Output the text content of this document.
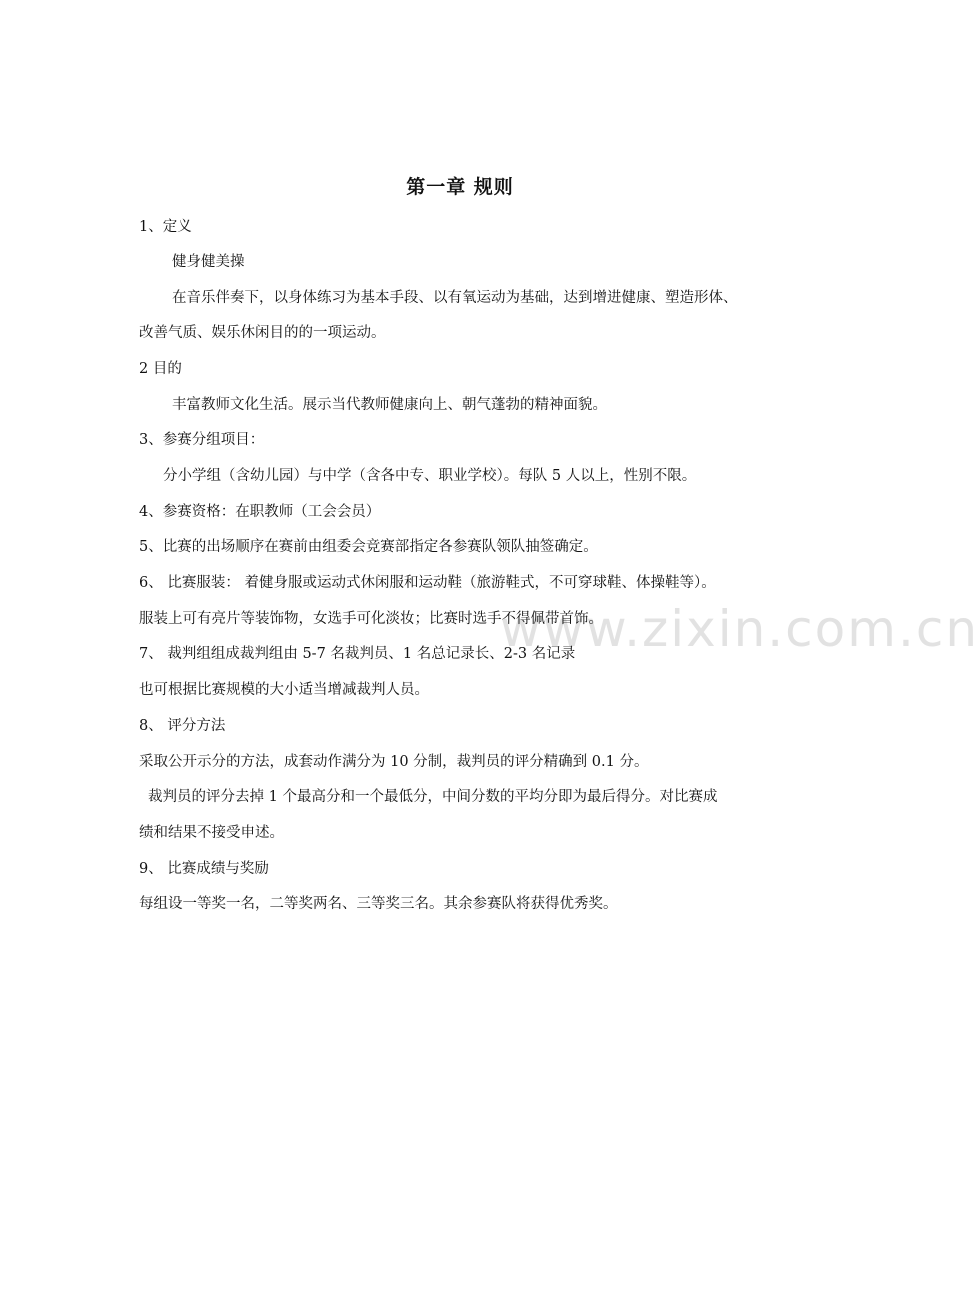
www.zixin.com.cn
第一章 规则
1、定义
健身健美操
在音乐伴奏下，以身体练习为基本手段、以有氧运动为基础，达到增进健康、塑造形体、
改善气质、娱乐休闲目的的一项运动。
2 目的
丰富教师文化生活。展示当代教师健康向上、朝气蓬勃的精神面貌。
3、参赛分组项目：
分小学组（含幼儿园）与中学（含各中专、职业学校）。每队 5 人以上，性别不限。
4、参赛资格：在职教师（工会会员）
5、比赛的出场顺序在赛前由组委会竞赛部指定各参赛队领队抽签确定。
6、 比赛服装： 着健身服或运动式休闲服和运动鞋（旅游鞋式，不可穿球鞋、体操鞋等）。
服装上可有亮片等装饰物，女选手可化淡妆；比赛时选手不得佩带首饰。
7、 裁判组组成裁判组由 5-7 名裁判员、1 名总记录长、2-3 名记录
也可根据比赛规模的大小适当增减裁判人员。
8、 评分方法
采取公开示分的方法，成套动作满分为 10 分制，裁判员的评分精确到 0.1 分。
裁判员的评分去掉 1 个最高分和一个最低分，中间分数的平均分即为最后得分。对比赛成
绩和结果不接受申述。
9、 比赛成绩与奖励
每组设一等奖一名，二等奖两名、三等奖三名。其余参赛队将获得优秀奖。
